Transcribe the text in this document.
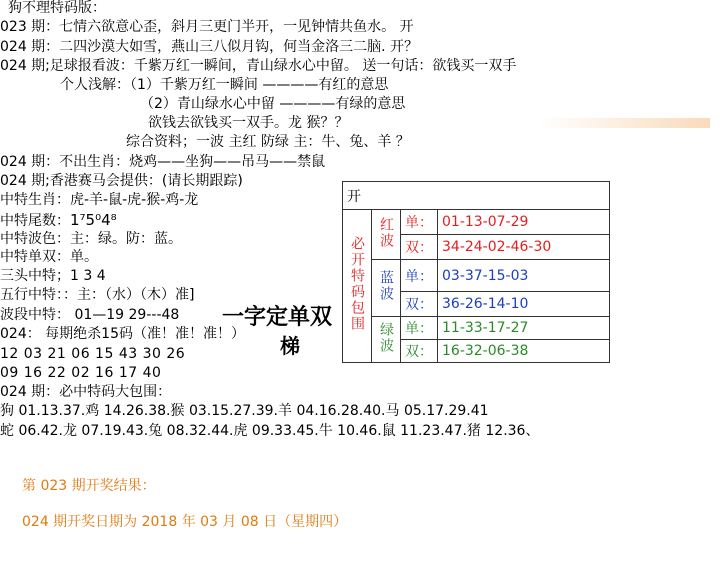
狗不理特码版：
023 期：七情六欲意心歪，斜月三更门半开，一见钟情共鱼水。 开
024 期：二四沙漠大如雪，燕山三八似月钩，何当金洛三二脑. 开？
024 期;足球报看波：千紫万红一瞬间，青山绿水心中留。 送一句话：欲钱买一双手
个人浅解：（1）千紫万红一瞬间 ————有红的意思
（2）青山绿水心中留 ————有绿的意思
欲钱去欲钱买一双手。龙 猴？？
综合资料；一波 主红 防绿 主：牛、兔、羊 ？
024 期：不出生肖：烧鸡——坐狗——吊马——禁鼠
024 期;香港赛马会提供：(请长期跟踪)
中特生肖：虎-羊-鼠-虎-猴-鸡-龙
中特尾数：1⁷5⁰4⁸
中特波色：主：绿。防：蓝。
中特单双：单。
三头中特；1 3 4
五行中特：：主：（水）（木）准]
波段中特： 01—19 29---48
024： 每期绝杀15码（准！准！准！）
12 03 21 06 15 43 30 26
09 16 22 02 16 17 40
024 期：必中特码大包围：
狗 01.13.37.鸡 14.26.38.猴 03.15.27.39.羊 04.16.28.40.马 05.17.29.41
蛇 06.42.龙 07.19.43.兔 08.32.44.虎 09.33.45.牛 10.46.鼠 11.23.47.猪 12.36、
一字定单双
梯
开			
必开特码包围	红波	单：	01-13-07-29
		双：	34-24-02-46-30
	蓝波	单：	03-37-15-03
		双：	36-26-14-10
	绿波	单：	11-33-17-27
		双：	16-32-06-38
第 023 期开奖结果：
024 期开奖日期为 2018 年 03 月 08 日（星期四）
